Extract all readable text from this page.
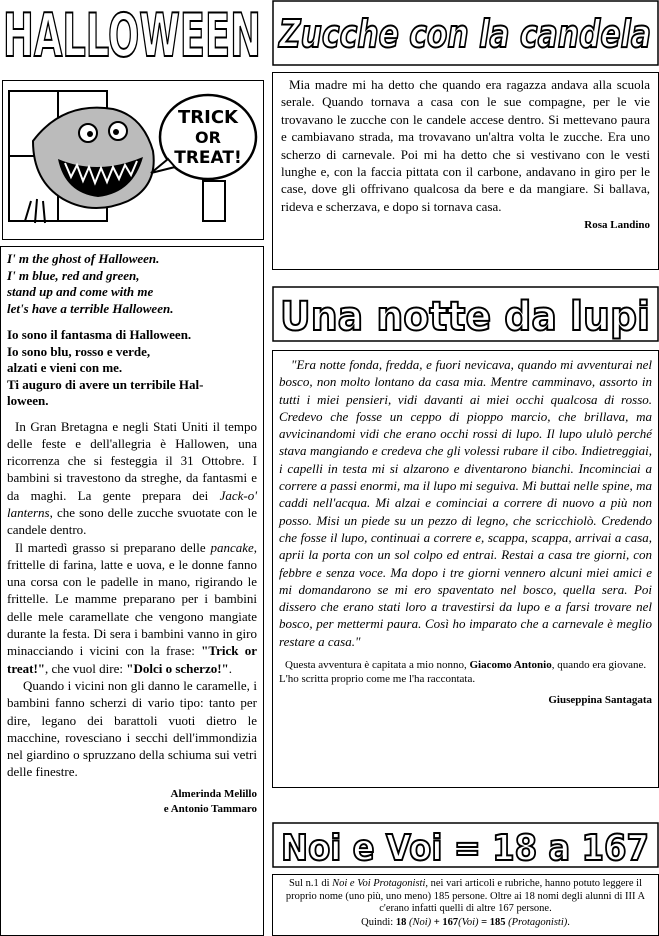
HALLOWEEN Zucche con la candela
TRICK
OR
TREAT!
I' m the ghost of Halloween.
I' m blue, red and green,
stand up and come with me
let's have a terrible Halloween.
Io sono il fantasma di Halloween.
Io sono blu, rosso e verde,
alzati e vieni con me.
Ti auguro di avere un terribile Hal-
loween.
In Gran Bretagna e negli Stati Uniti il tempo delle feste e dell'allegria è Hallowen, una ricorrenza che si festeggia il 31 Ottobre. I bambini si travestono da streghe, da fantasmi e da maghi. La gente prepara dei Jack-o' lanterns, che sono delle zucche svuotate con le candele dentro.
Il martedì grasso si preparano delle pancake, frittelle di farina, latte e uova, e le donne fanno una corsa con le padelle in mano, rigirando le frittelle. Le mamme preparano per i bambini delle mele caramellate che vengono mangiate durante la festa. Di sera i bambini vanno in giro minacciando i vicini con la frase: "Trick or treat!", che vuol dire: "Dolci o scherzo!".
Quando i vicini non gli danno le caramelle, i bambini fanno scherzi di vario tipo: tanto per dire, legano dei barattoli vuoti dietro le macchine, rovesciano i secchi dell'immondizia nel giardino o spruzzano della schiuma sui vetri delle finestre.
Almerinda Melillo
e Antonio Tammaro
Mia madre mi ha detto che quando era ragazza andava alla scuola serale. Quando tornava a casa con le sue compagne, per le vie trovavano le zucche con le candele accese dentro. Si mettevano paura e cambiavano strada, ma trovavano un'altra volta le zucche. Era uno scherzo di carnevale. Poi mi ha detto che si vestivano con le vesti lunghe e, con la faccia pittata con il carbone, andavano in giro per le case, dove gli offrivano qualcosa da bere e da mangiare. Si ballava, rideva e scherzava, e dopo si tornava casa.
Rosa Landino
Una notte da lupi
"Era notte fonda, fredda, e fuori nevicava, quando mi avventurai nel bosco, non molto lontano da casa mia. Mentre camminavo, assorto in tutti i miei pensieri, vidi davanti ai miei occhi qualcosa di rosso. Credevo che fosse un ceppo di pioppo marcio, che brillava, ma avvicinandomi vidi che erano occhi rossi di lupo. Il lupo ululò perché stava mangiando e credeva che gli volessi rubare il cibo. Indietreggiai, i capelli in testa mi si alzarono e diventarono bianchi. Incominciai a correre a passi enormi, ma il lupo mi seguiva. Mi buttai nelle spine, ma caddi nell'acqua. Mi alzai e cominciai a correre di nuovo a più non posso. Misi un piede su un pezzo di legno, che scricchiolò. Credendo che fosse il lupo, continuai a correre e, scappa, scappa, arrivai a casa, aprii la porta con un sol colpo ed entrai. Restai a casa tre giorni, con febbre e senza voce. Ma dopo i tre giorni vennero alcuni miei amici e mi domandarono se mi ero spaventato nel bosco, quella sera. Poi dissero che erano stati loro a travestirsi da lupo e a farsi trovare nel bosco, per mettermi paura. Così ho imparato che a carnevale è meglio restare a casa."
Questa avventura è capitata a mio nonno, Giacomo Antonio, quando era giovane. L'ho scritta proprio come me l'ha raccontata.
Giuseppina Santagata
Noi e Voi = 18 a 167
Sul n.1 di Noi e Voi Protagonisti, nei vari articoli e rubriche, hanno potuto leggere il proprio nome (uno più, uno meno) 185 persone. Oltre ai 18 nomi degli alunni di III A c'erano infatti quelli di altre 167 persone.
Quindi: 18 (Noi) + 167(Voi) = 185 (Protagonisti).
